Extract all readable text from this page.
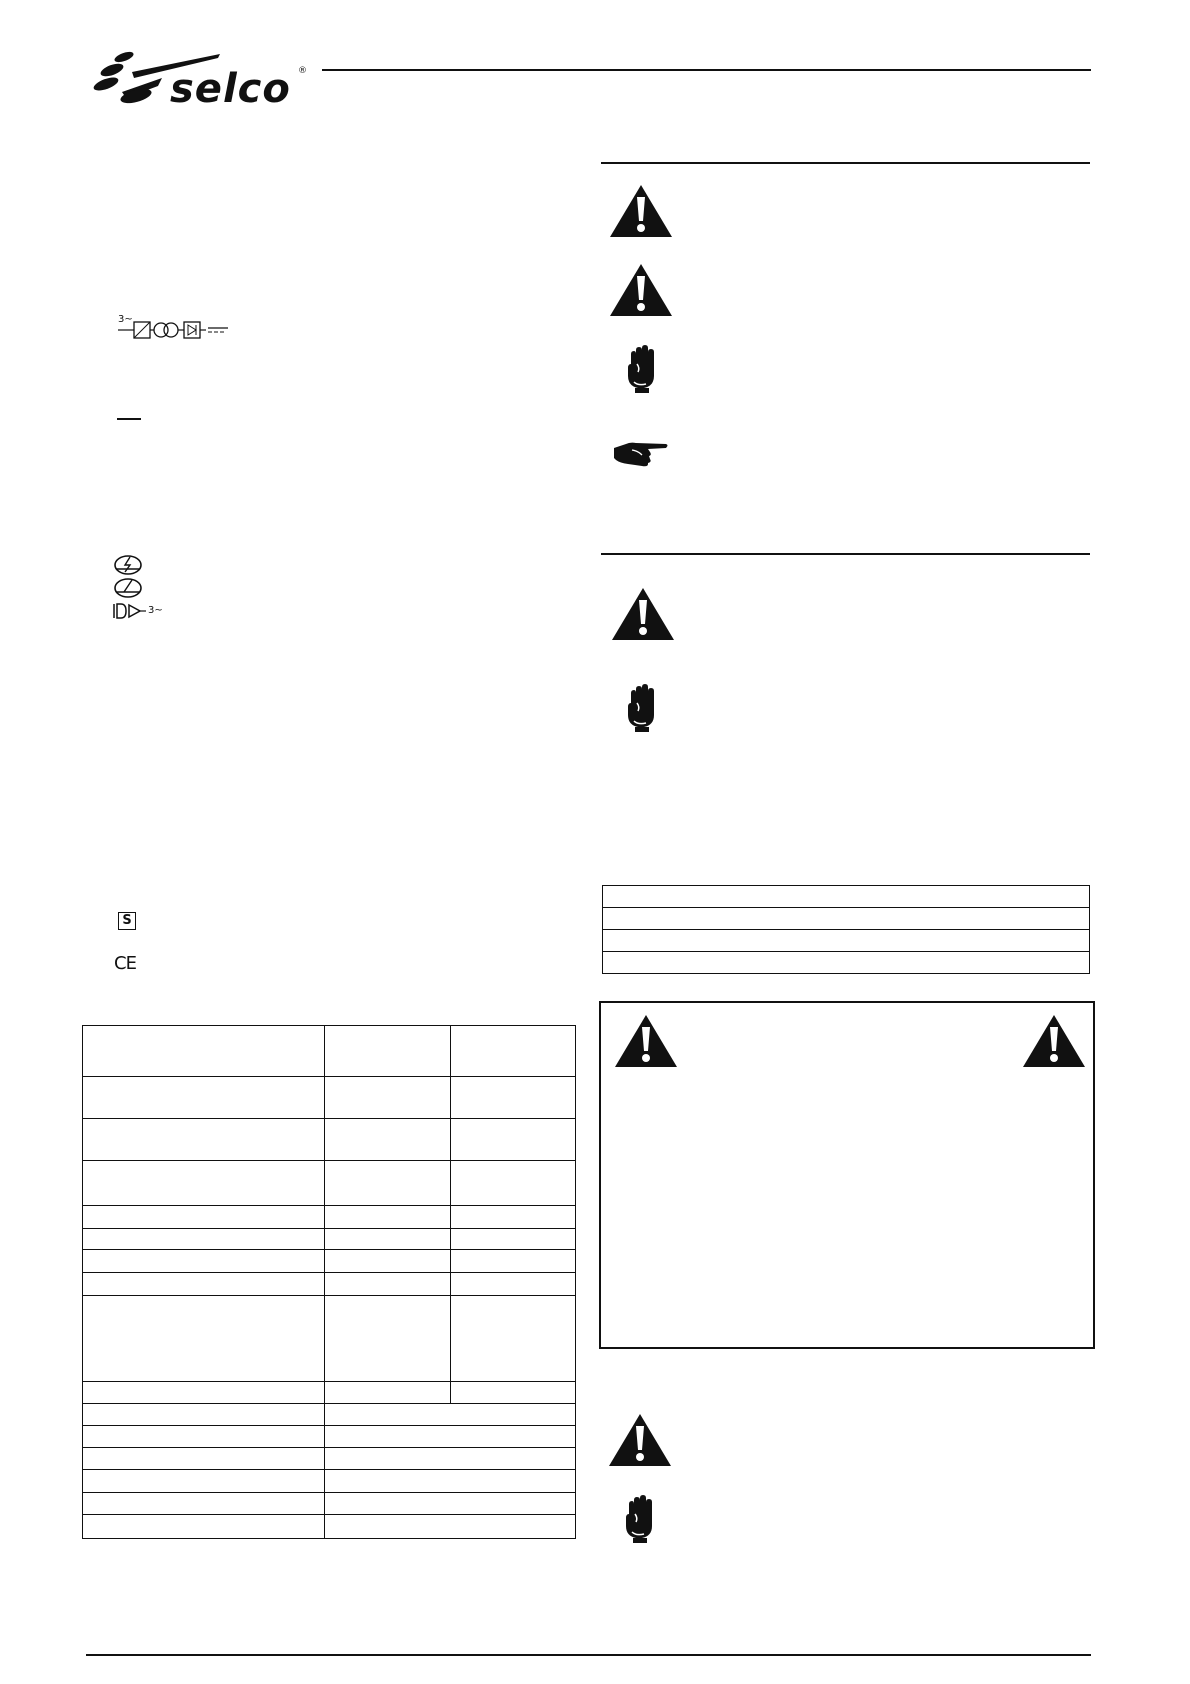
selco ®
3~
3~
S
CE
